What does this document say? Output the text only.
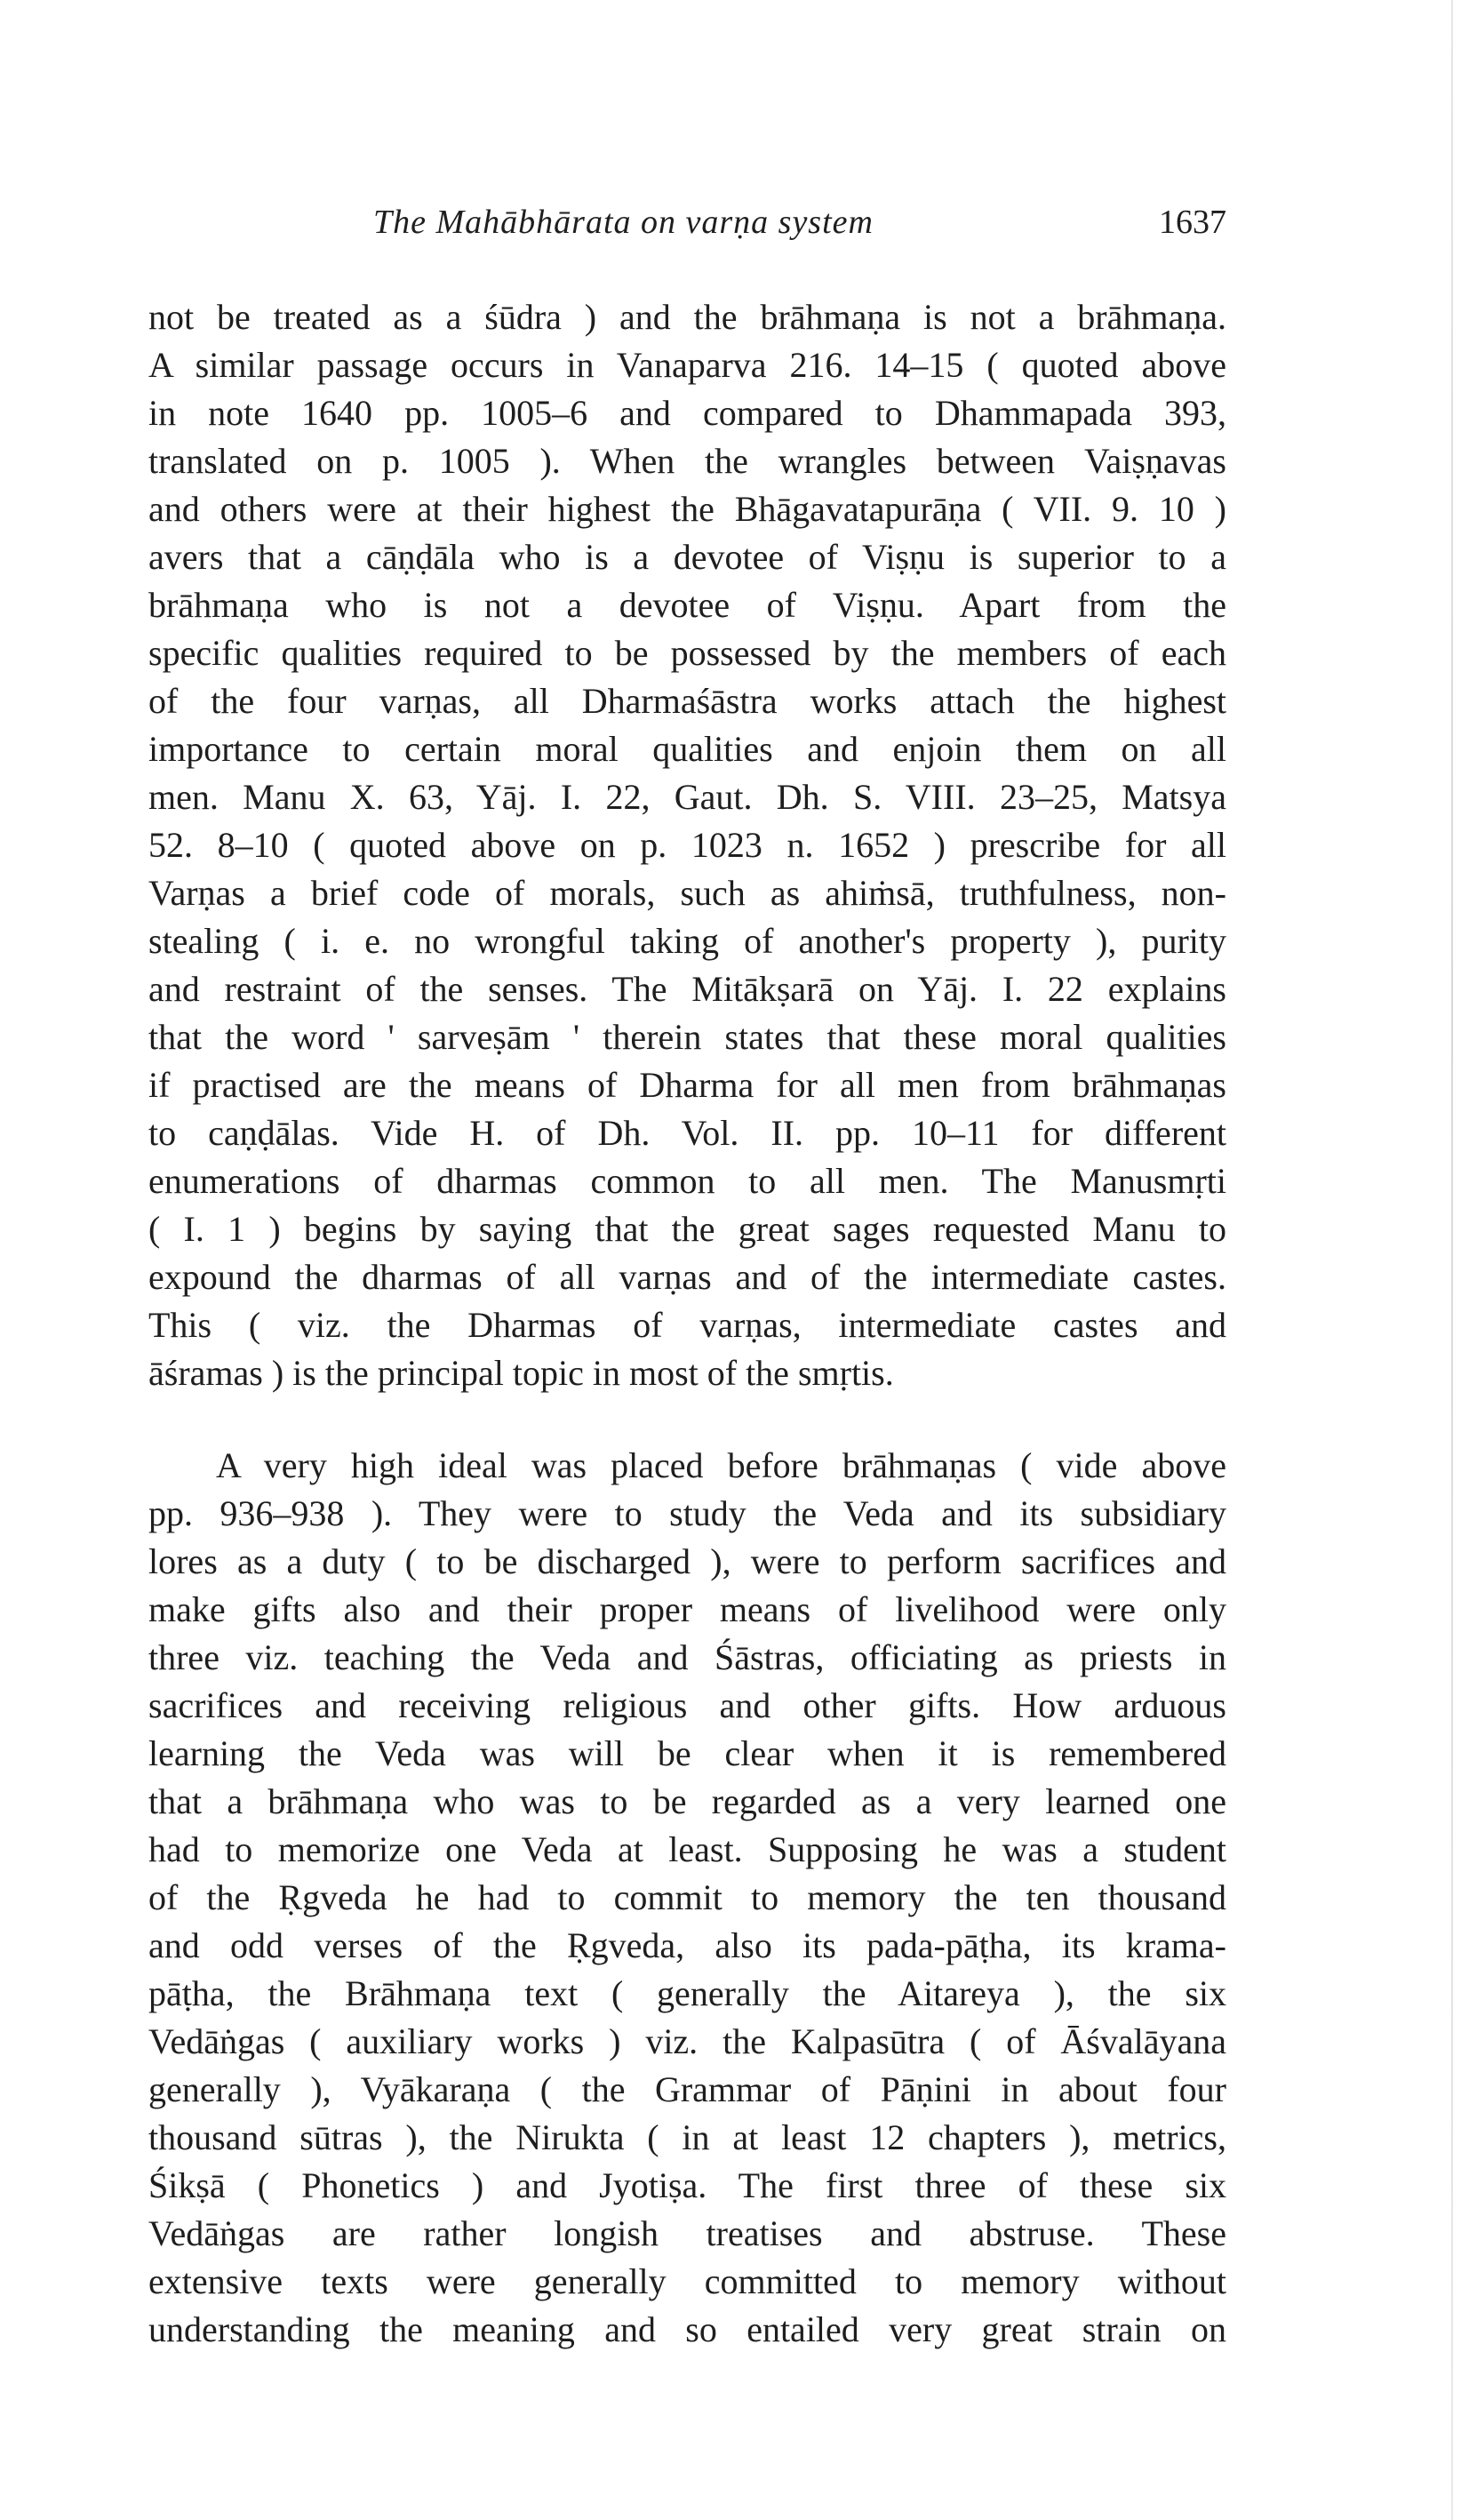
The Mahābhārata on varṇa system	1637
not be treated as a śūdra ) and the brāhmaṇa is not a brāhmaṇa.
A similar passage occurs in Vanaparva 216. 14–15 ( quoted above
in note 1640 pp. 1005–6 and compared to Dhammapada 393,
translated on p. 1005 ). When the wrangles between Vaiṣṇavas
and others were at their highest the Bhāgavatapurāṇa ( VII. 9. 10 )
avers that a cāṇḍāla who is a devotee of Viṣṇu is superior to a
brāhmaṇa who is not a devotee of Viṣṇu. Apart from the
specific qualities required to be possessed by the members of each
of the four varṇas, all Dharmaśāstra works attach the highest
importance to certain moral qualities and enjoin them on all
men. Manu X. 63, Yāj. I. 22, Gaut. Dh. S. VIII. 23–25, Matsya
52. 8–10 ( quoted above on p. 1023 n. 1652 ) prescribe for all
Varṇas a brief code of morals, such as ahiṁsā, truthfulness, non-
stealing ( i. e. no wrongful taking of another's property ), purity
and restraint of the senses. The Mitākṣarā on Yāj. I. 22 explains
that the word ' sarveṣām ' therein states that these moral qualities
if practised are the means of Dharma for all men from brāhmaṇas
to caṇḍālas. Vide H. of Dh. Vol. II. pp. 10–11 for different
enumerations of dharmas common to all men. The Manusmṛti
( I. 1 ) begins by saying that the great sages requested Manu to
expound the dharmas of all varṇas and of the intermediate castes.
This ( viz. the Dharmas of varṇas, intermediate castes and
āśramas ) is the principal topic in most of the smṛtis.
A very high ideal was placed before brāhmaṇas ( vide above
pp. 936–938 ). They were to study the Veda and its subsidiary
lores as a duty ( to be discharged ), were to perform sacrifices and
make gifts also and their proper means of livelihood were only
three viz. teaching the Veda and Śāstras, officiating as priests in
sacrifices and receiving religious and other gifts. How arduous
learning the Veda was will be clear when it is remembered
that a brāhmaṇa who was to be regarded as a very learned one
had to memorize one Veda at least. Supposing he was a student
of the Ṛgveda he had to commit to memory the ten thousand
and odd verses of the Ṛgveda, also its pada-pāṭha, its krama-
pāṭha, the Brāhmaṇa text ( generally the Aitareya ), the six
Vedāṅgas ( auxiliary works ) viz. the Kalpasūtra ( of Āśvalāyana
generally ), Vyākaraṇa ( the Grammar of Pāṇini in about four
thousand sūtras ), the Nirukta ( in at least 12 chapters ), metrics,
Śikṣā ( Phonetics ) and Jyotiṣa. The first three of these six
Vedāṅgas are rather longish treatises and abstruse. These
extensive texts were generally committed to memory without
understanding the meaning and so entailed very great strain on
